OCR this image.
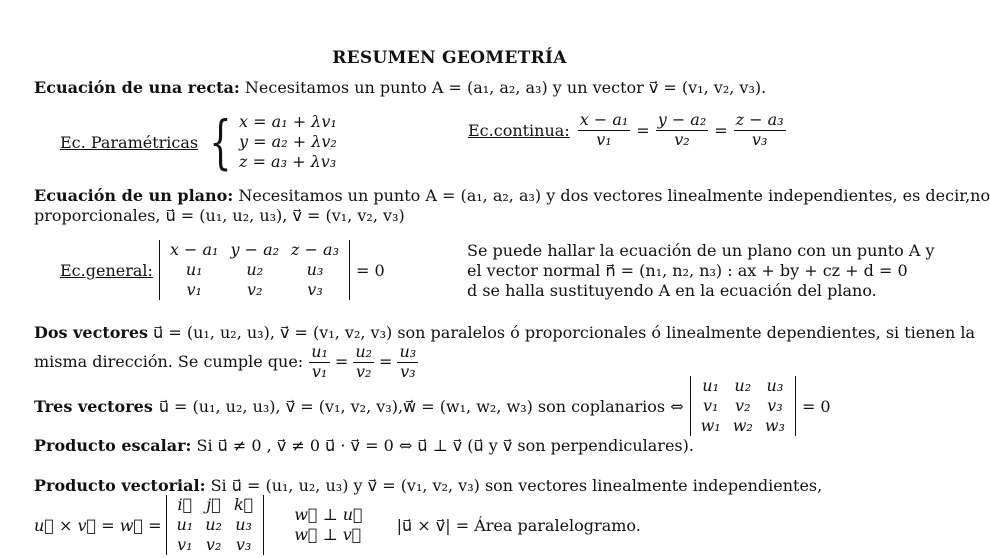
RESUMEN GEOMETRÍA
Ecuación de una recta: Necesitamos un punto A = (a₁, a₂, a₃) y un vector v⃗ = (v₁, v₂, v₃).
Ec. Paramétricas { x = a₁ + λv₁
y = a₂ + λv₂
z = a₃ + λv₃
Ec.continua: $\frac{\text{x − a₁}}{\text{v₁}} = \frac{\text{y − a₂}}{\text{v₂}} = \frac{\text{z − a₃}}{\text{v₃}}$
Ecuación de un plano: Necesitamos un punto A = (a₁, a₂, a₃) y dos vectores linealmente independientes, es decir,no
proporcionales, u⃗ = (u₁, u₂, u₃), v⃗ = (v₁, v₂, v₃)
Ec.general:
x − a₁ y − a₂ z − a₃
u₁	u₂	u₃
v₁	v₂	v₃
= 0
Se puede hallar la ecuación de un plano con un punto A y
el vector normal n⃗ = (n₁, n₂, n₃) : ax + by + cz + d = 0
d se halla sustituyendo A en la ecuación del plano.
Dos vectores u⃗ = (u₁, u₂, u₃), v⃗ = (v₁, v₂, v₃) son paralelos ó proporcionales ó linealmente dependientes, si tienen la
misma dirección. Se cumple que: $\frac{\text{u₁}}{\text{v₁}} = \frac{\text{u₂}}{\text{v₂}} = \frac{\text{u₃}}{\text{v₃}}$
Tres vectores u⃗ = (u₁, u₂, u₃), v⃗ = (v₁, v₂, v₃),w⃗ = (w₁, w₂, w₃) son coplanarios ⇔
u₁ u₂ u₃
v₁	v₂	v₃
w₁ w₂ w₃
= 0
Producto escalar: Si u⃗ ≠ 0 , v⃗ ≠ 0 u⃗ · v⃗ = 0 ⇔ u⃗ ⊥ v⃗ (u⃗ y v⃗ son perpendiculares).
Producto vectorial: Si u⃗ = (u₁, u₂, u₃) y v⃗ = (v₁, v₂, v₃) son vectores linealmente independientes,
u⃗ × v⃗ = w⃗ =
i⃗ j⃗ k⃗
u₁ u₂ u₃
v₁ v₂ v₃
w⃗ ⊥ u⃗
w⃗ ⊥ v⃗ |u⃗ × v⃗| = Área paralelogramo.
